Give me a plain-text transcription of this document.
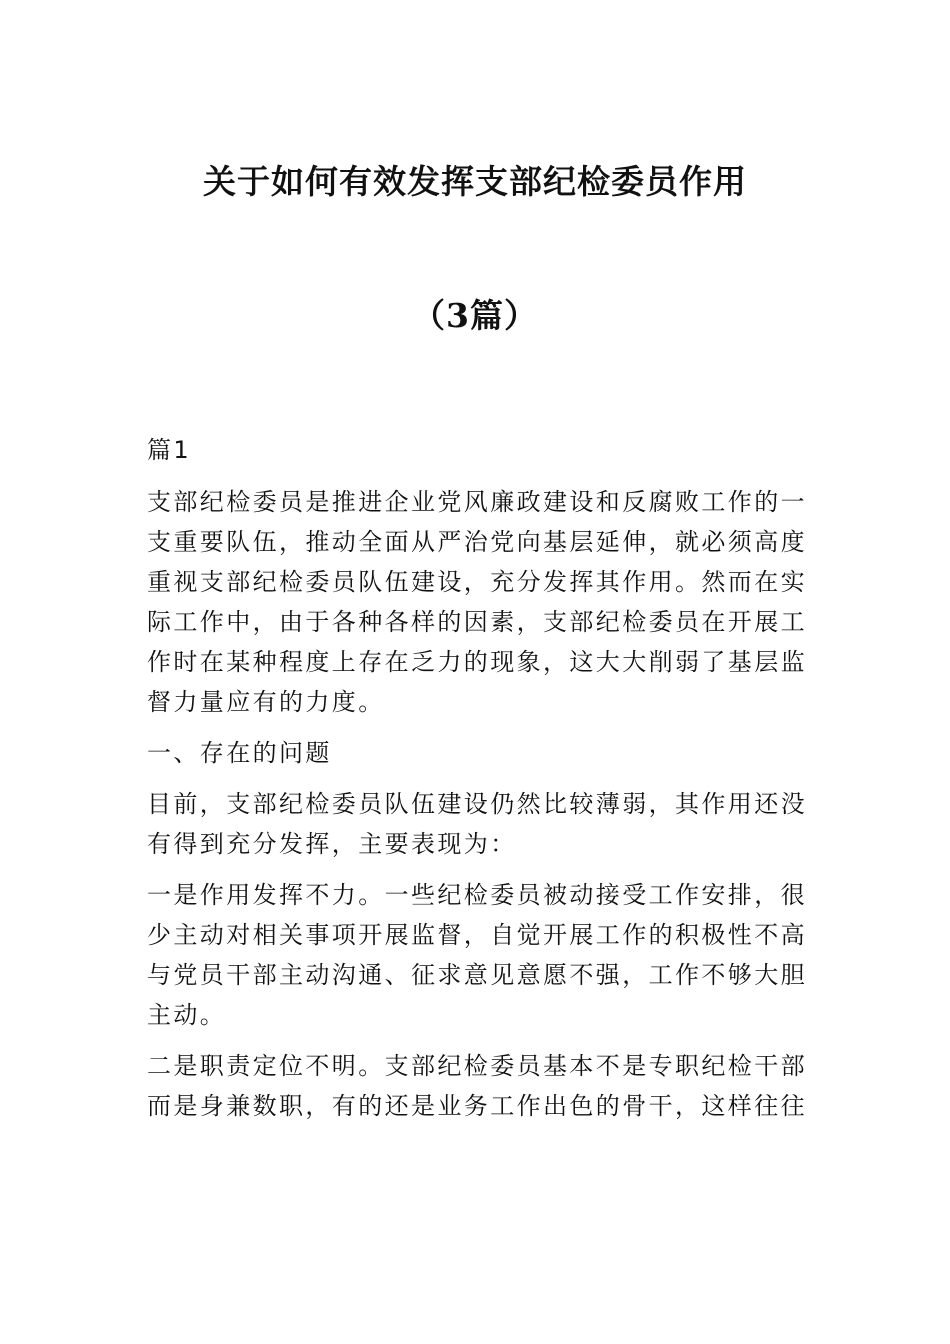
关于如何有效发挥支部纪检委员作用
（3篇）

篇1

支部纪检委员是推进企业党风廉政建设和反腐败工作的一支重要队伍，推动全面从严治党向基层延伸，就必须高度重视支部纪检委员队伍建设，充分发挥其作用。然而在实际工作中，由于各种各样的因素，支部纪检委员在开展工作时在某种程度上存在乏力的现象，这大大削弱了基层监督力量应有的力度。

一、存在的问题

目前，支部纪检委员队伍建设仍然比较薄弱，其作用还没有得到充分发挥，主要表现为：

一是作用发挥不力。一些纪检委员被动接受工作安排，很少主动对相关事项开展监督，自觉开展工作的积极性不高与党员干部主动沟通、征求意见意愿不强，工作不够大胆主动。

二是职责定位不明。支部纪检委员基本不是专职纪检干部而是身兼数职，有的还是业务工作出色的骨干，这样往往
